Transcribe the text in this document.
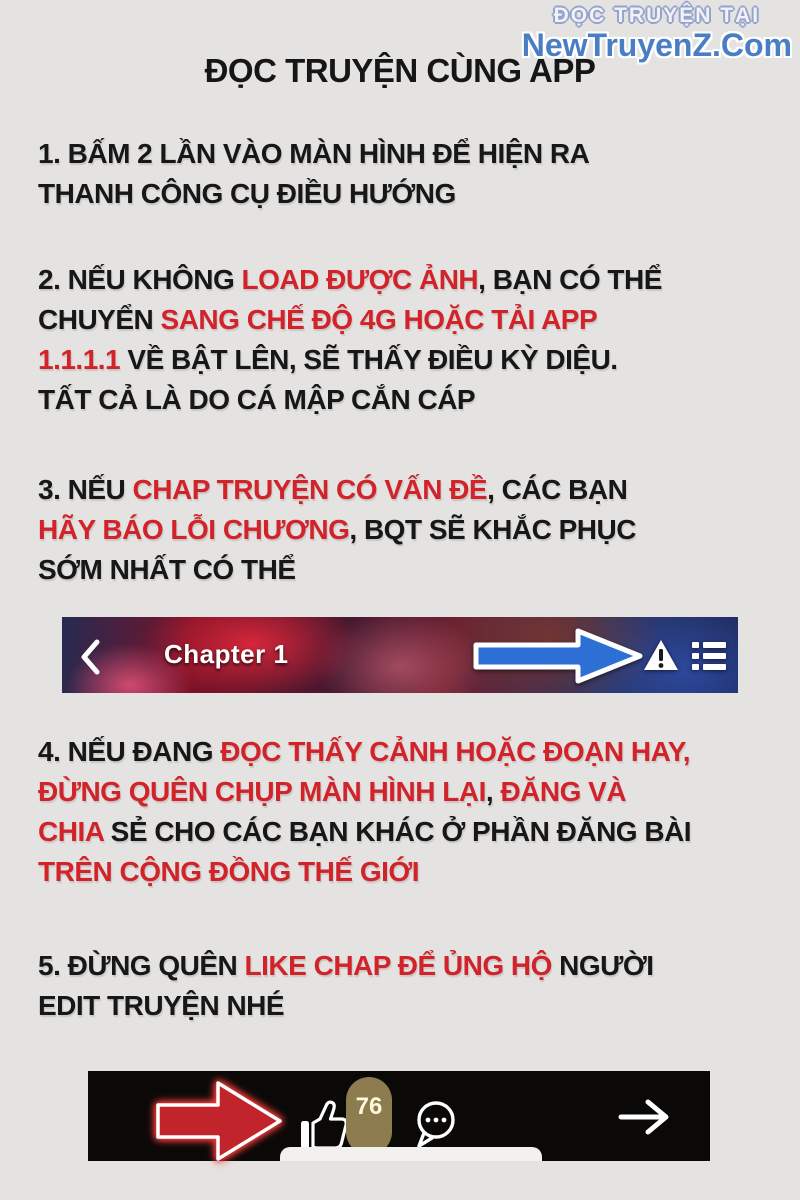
ĐỌC TRUYỆN TẠI
NewTruyenZ.Com
ĐỌC TRUYỆN CÙNG APP
1. BẤM 2 LẦN VÀO MÀN HÌNH ĐỂ HIỆN RA
THANH CÔNG CỤ ĐIỀU HƯỚNG
2. NẾU KHÔNG LOAD ĐƯỢC ẢNH, BẠN CÓ THỂ
CHUYỂN SANG CHẾ ĐỘ 4G HOẶC TẢI APP
1.1.1.1 VỀ BẬT LÊN, SẼ THẤY ĐIỀU KỲ DIỆU.
TẤT CẢ LÀ DO CÁ MẬP CẮN CÁP
3. NẾU CHAP TRUYỆN CÓ VẤN ĐỀ, CÁC BẠN
HÃY BÁO LỖI CHƯƠNG, BQT SẼ KHẮC PHỤC
SỚM NHẤT CÓ THỂ
Chapter 1
4. NẾU ĐANG ĐỌC THẤY CẢNH HOẶC ĐOẠN HAY,
ĐỪNG QUÊN CHỤP MÀN HÌNH LẠI, ĐĂNG VÀ
CHIA SẺ CHO CÁC BẠN KHÁC Ở PHẦN ĐĂNG BÀI
TRÊN CỘNG ĐỒNG THẾ GIỚI
5. ĐỪNG QUÊN LIKE CHAP ĐỂ ỦNG HỘ NGƯỜI
EDIT TRUYỆN NHÉ
76
